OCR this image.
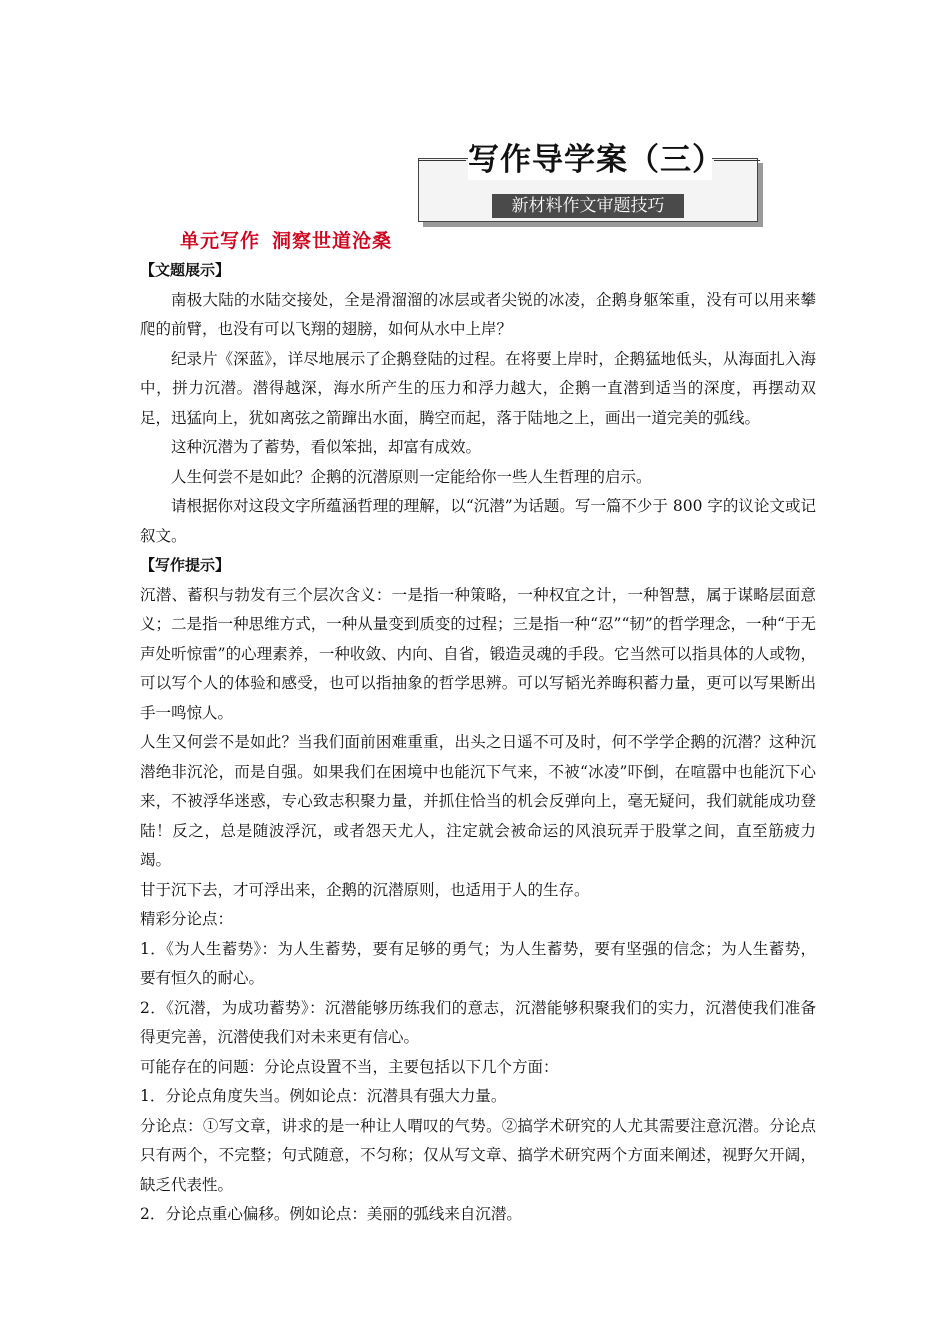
写作导学案（三）
新材料作文审题技巧
单元写作 洞察世道沧桑

【文题展示】

南极大陆的水陆交接处，全是滑溜溜的冰层或者尖锐的冰凌，企鹅身躯笨重，没有可以用来攀爬的前臂，也没有可以飞翔的翅膀，如何从水中上岸？

纪录片《深蓝》，详尽地展示了企鹅登陆的过程。在将要上岸时，企鹅猛地低头，从海面扎入海中，拼力沉潜。潜得越深，海水所产生的压力和浮力越大，企鹅一直潜到适当的深度，再摆动双足，迅猛向上，犹如离弦之箭蹿出水面，腾空而起，落于陆地之上，画出一道完美的弧线。

这种沉潜为了蓄势，看似笨拙，却富有成效。

人生何尝不是如此？企鹅的沉潜原则一定能给你一些人生哲理的启示。

请根据你对这段文字所蕴涵哲理的理解，以“沉潜”为话题。写一篇不少于 800 字的议论文或记叙文。

【写作提示】

沉潜、蓄积与勃发有三个层次含义：一是指一种策略，一种权宜之计，一种智慧，属于谋略层面意义；二是指一种思维方式，一种从量变到质变的过程；三是指一种“忍”“韧”的哲学理念，一种“于无声处听惊雷”的心理素养，一种收敛、内向、自省，锻造灵魂的手段。它当然可以指具体的人或物，可以写个人的体验和感受，也可以指抽象的哲学思辨。可以写韬光养晦积蓄力量，更可以写果断出手一鸣惊人。

人生又何尝不是如此？当我们面前困难重重，出头之日遥不可及时，何不学学企鹅的沉潜？这种沉潜绝非沉沦，而是自强。如果我们在困境中也能沉下气来，不被“冰凌”吓倒，在喧嚣中也能沉下心来，不被浮华迷惑，专心致志积聚力量，并抓住恰当的机会反弹向上，毫无疑问，我们就能成功登陆！反之，总是随波浮沉，或者怨天尤人，注定就会被命运的风浪玩弄于股掌之间，直至筋疲力竭。

甘于沉下去，才可浮出来，企鹅的沉潜原则，也适用于人的生存。

精彩分论点：

1．《为人生蓄势》：为人生蓄势，要有足够的勇气；为人生蓄势，要有坚强的信念；为人生蓄势，要有恒久的耐心。

2．《沉潜，为成功蓄势》：沉潜能够历练我们的意志，沉潜能够积聚我们的实力，沉潜使我们准备得更完善，沉潜使我们对未来更有信心。

可能存在的问题：分论点设置不当，主要包括以下几个方面：

1．分论点角度失当。例如论点：沉潜具有强大力量。

分论点：①写文章，讲求的是一种让人喟叹的气势。②搞学术研究的人尤其需要注意沉潜。分论点只有两个，不完整；句式随意，不匀称；仅从写文章、搞学术研究两个方面来阐述，视野欠开阔，缺乏代表性。

2．分论点重心偏移。例如论点：美丽的弧线来自沉潜。
